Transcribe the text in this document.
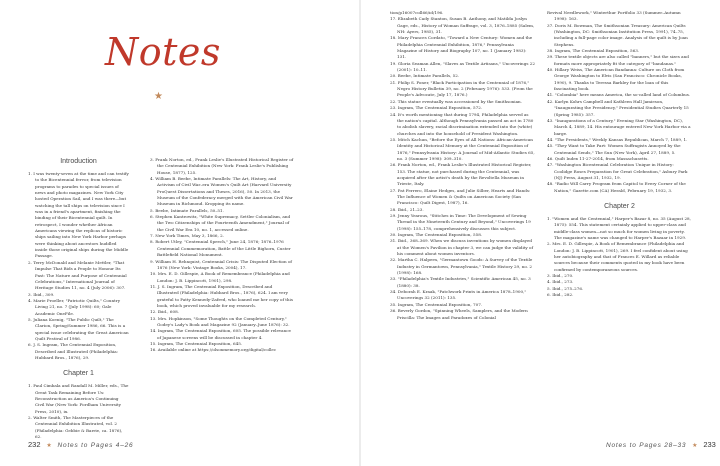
Notes
★

Introduction

1. I was twenty-seven at the time and can testify to the Bicentennial fervor, from television programs to parades to special issues of news and photo magazines. New York City hosted Operation Sail, and I was there—but watching the tall ships on television since I was in a friend's apartment, finishing the binding of their Bicentennial quilt. In retrospect, I wonder whether African Americans viewing the replicas of historic ships sailing into New York Harbor perhaps were thinking about ancestors huddled inside those original ships during the Middle Passage.

2. Terry McDonald and Melanie Mettler, "That Impulse That Bids a People to Honour Its Past: The Nature and Purpose of Centennial Celebrations," International Journal of Heritage Studies 11, no. 4 (July 2006): 307.

3. Ibid., 309.

4. Marie Proeller, "Patriotic Quilts," Country Living 21, no. 7 (July 1998): 60; Gale Academic OneFile.

5. Juliana Koenig, "The Public Quilt," The Clarion, Spring/Summer 1986, 66. This is a special issue celebrating the Great American Quilt Festival of 1986.

6. J. S. Ingram, The Centennial Exposition, Described and Illustrated (Philadelphia: Hubbard Bros., 1876), 29.

Chapter 1

1. Paul Cimbala and Randall M. Miller, eds., The Great Task Remaining Before Us: Reconstruction as America's Continuing Civil War (New York: Fordham University Press, 2010), ix.

2. Walter Smith, The Masterpieces of the Centennial Exhibition Illustrated, vol. 2 (Philadelphia: Gebbie & Barrie, ca. 1876), 62.

3. Frank Norton, ed., Frank Leslie's Illustrated Historical Register of the Centennial Exhibition (New York: Frank Leslie's Publishing House, 1877), 125.

4. William B. Beebe, Intimate Parallels: The Art, History, and Activism of Civil War–era Women's Quilt Art (Harvard University ProQuest Dissertations and Theses, 2016), 50. In 2013, the Museum of the Confederacy merged with the American Civil War Museum in Richmond. Kropping its name.

5. Beebe, Intimate Parallels, 50–51.

6. Stephen Kantrowitz, "White Supremacy, Settler Colonialism, and the Two Citizenships of the Fourteenth Amendment," Journal of the Civil War Era 10, no. 1, accessed online.

7. New York Times, May 3, 1866, 2.

8. Robert Utley, "Centennial Speech," June 24, 1876; 1876–1976 Centennial Commemoration, Battle of the Little Bighorn, Custer Battlefield National Monument.

9. William H. Rehnquist, Centennial Crisis: The Disputed Election of 1876 (New York: Vintage Books, 2004), 17.

10. Mrs. E. D. Gillespie, A Book of Remembrance (Philadelphia and London: J. B. Lippincott, 1901), 298.

11. J. S. Ingram, The Centennial Exposition, Described and Illustrated (Philadelphia: Hubbard Bros., 1876), 624. I am very grateful to Patty Kennedy-Zafred, who loaned me her copy of this book, which proved invaluable for my research.

12. Ibid., 608.

13. Mrs. Hopkinson, "Some Thoughts on the Completed Century," Godey's Lady's Book and Magazine 92 (January–June 1876): 32.

14. Ingram, The Centennial Exposition, 605. The possible relevance of Japanese screens will be discussed in chapter 4.

15. Ingram, The Centennial Exposition, 645.

16. Available online at https://olsonmemory.org/digital/collec

232 ★ Notes to Pages 4–26

tion/p16007coll66/id/196.

17. Elizabeth Cady Stanton, Susan B. Anthony, and Matilda Joslyn Gage, eds., History of Woman Suffrage, vol. 3, 1876–1885 (Salem, NH: Ayers, 1985), 31.

18. Mary Frances Cordato, "Toward a New Century: Women and the Philadelphia Centennial Exhibition, 1876," Pennsylvania Magazine of History and Biography 107, no. 1 (January 1983): 131.

19. Gloria Seaman Allen, "Slaves as Textile Artisans," Uncoverings 22 (2001): 10–11.

20. Beebe, Intimate Parallels, 52.

21. Philip S. Foner, "Black Participation in the Centennial of 1876," Negro History Bulletin 39, no. 2 (February 1976): 533. (From the People's Advocate, July 17, 1876.)

22. This statue eventually was accessioned by the Smithsonian.

23. Ingram, The Centennial Exposition, 572.

24. It's worth mentioning that during 1794, Philadelphia served as the nation's capital. Although Pennsylvania passed an act in 1780 to abolish slavery, racial discrimination extended into the (white) churches and into the household of President Washington.

25. Mitch Kachun, "Before the Eyes of All Nations: African-American Identity and Historical Memory at the Centennial Exposition of 1876," Pennsylvania History: A Journal of Mid-Atlantic Studies 65, no. 3 (Summer 1998): 309–310.

26. Frank Norton, ed., Frank Leslie's Illustrated Historical Register, 153. The statue, not purchased during the Centennial, was acquired after the artist's death by the Revoltella Museum in Trieste, Italy.

27. Pat Ferrero, Elaine Hedges, and Julie Silber, Hearts and Hands: The Influence of Women & Quilts on American Society (San Francisco: Quilt Digest, 1987), 16.

28. Ibid., 21–23.

29. Jenny Yearous, "Stitches in Time: The Development of Sewing Thread in the Nineteenth Century and Beyond," Uncoverings 19 (1998): 155–178, comprehensively discusses this subject.

30. Ingram, The Centennial Exposition, 558.

31. Ibid., 368–369. When we discuss inventions by women displayed at the Women's Pavilion in chapter 3, we can judge the validity of his comment about women inventors.

32. Martha C. Halpern, "Germantown Goods: A Survey of the Textile Industry in Germantown, Pennsylvania," Textile History 29, no. 2 (1998): 168.

33. "Philadelphia's Textile Industries," Scientific American 45, no. 3 (1880): 38.

34. Deborah E. Kraak, "Patchwork Prints in America 1878–1900," Uncoverings 32 (2011): 135.

35. Ingram, The Centennial Exposition, 707.

36. Beverly Gordon, "Spinning Wheels, Samplers, and the Modern Priscilla: The Images and Paradoxes of Colonial

Revival Needlework," Winterthur Portfolio 33 (Summer–Autumn 1998): 163.

37. Doris M. Bowman, The Smithsonian Treasury: American Quilts (Washington, DC: Smithsonian Institution Press, 1991), 74–75, including a full-page color image. Analysis of the quilt is by Joan Stephens.

38. Ingram, The Centennial Exposition, 563.

39. These textile objects are also called "banners," but the sizes and formats more appropriately fit the category of "bandanas."

40. Hillary Weiss, The American Bandanna: Culture on Cloth from George Washington to Elvis (San Francisco: Chronicle Books, 1990), 9. Thanks to Teressa Barkley for the loan of this fascinating book.

41. "Colombia" here means America, the so-called land of Columbus.

42. Karlyn Kohrs Campbell and Kathleen Hall Jamieson, "Inaugurating the Presidency," Presidential Studies Quarterly 15 (Spring 1985): 357.

43. "Inaugurations of a Century," Evening Star (Washington, DC), March 4, 1889, 14. His entourage entered New York Harbor via a barge.

44. "The Presidents," Weekly Kansas Republican, March 7, 1889, 1.

45. "They Want to Take Part: Women Suffragists Annoyed by the Centennial Sends," The Sun (New York), April 27, 1889, 5.

46. Quilt Index 11-27-2014, from Massachusetts.

47. "Washington Bicentennial Celebration Unique in History: Coolidge Roses Preparation for Great Celebration," Asbury Park (NJ) Press, August 31, 1932, 19.

48. "Radio Will Carry Program from Capitol to Every Corner of the Nation," Gazette.com (CA) Herald, February 19, 1932, 3.

Chapter 2

1. "Women and the Centennial," Harper's Bazar 8, no. 35 (August 28, 1875): 554. This statement certainly applied to upper-class and middle-class women—not so much for women living in poverty. The magazine's name was changed to Harper's Bazaar in 1929.

2. Mrs. E. D. Gillespie, A Book of Remembrance (Philadelphia and London: J. B. Lippincott, 1901), 269. I feel confident about using her autobiography and that of Frances E. Willard as reliable sources because their comments quoted in my book have been confirmed by contemporaneous sources.

3. Ibid., 270.

4. Ibid., 273.

5. Ibid., 275–276.

6. Ibid., 282.

Notes to Pages 28–33 ★ 233
